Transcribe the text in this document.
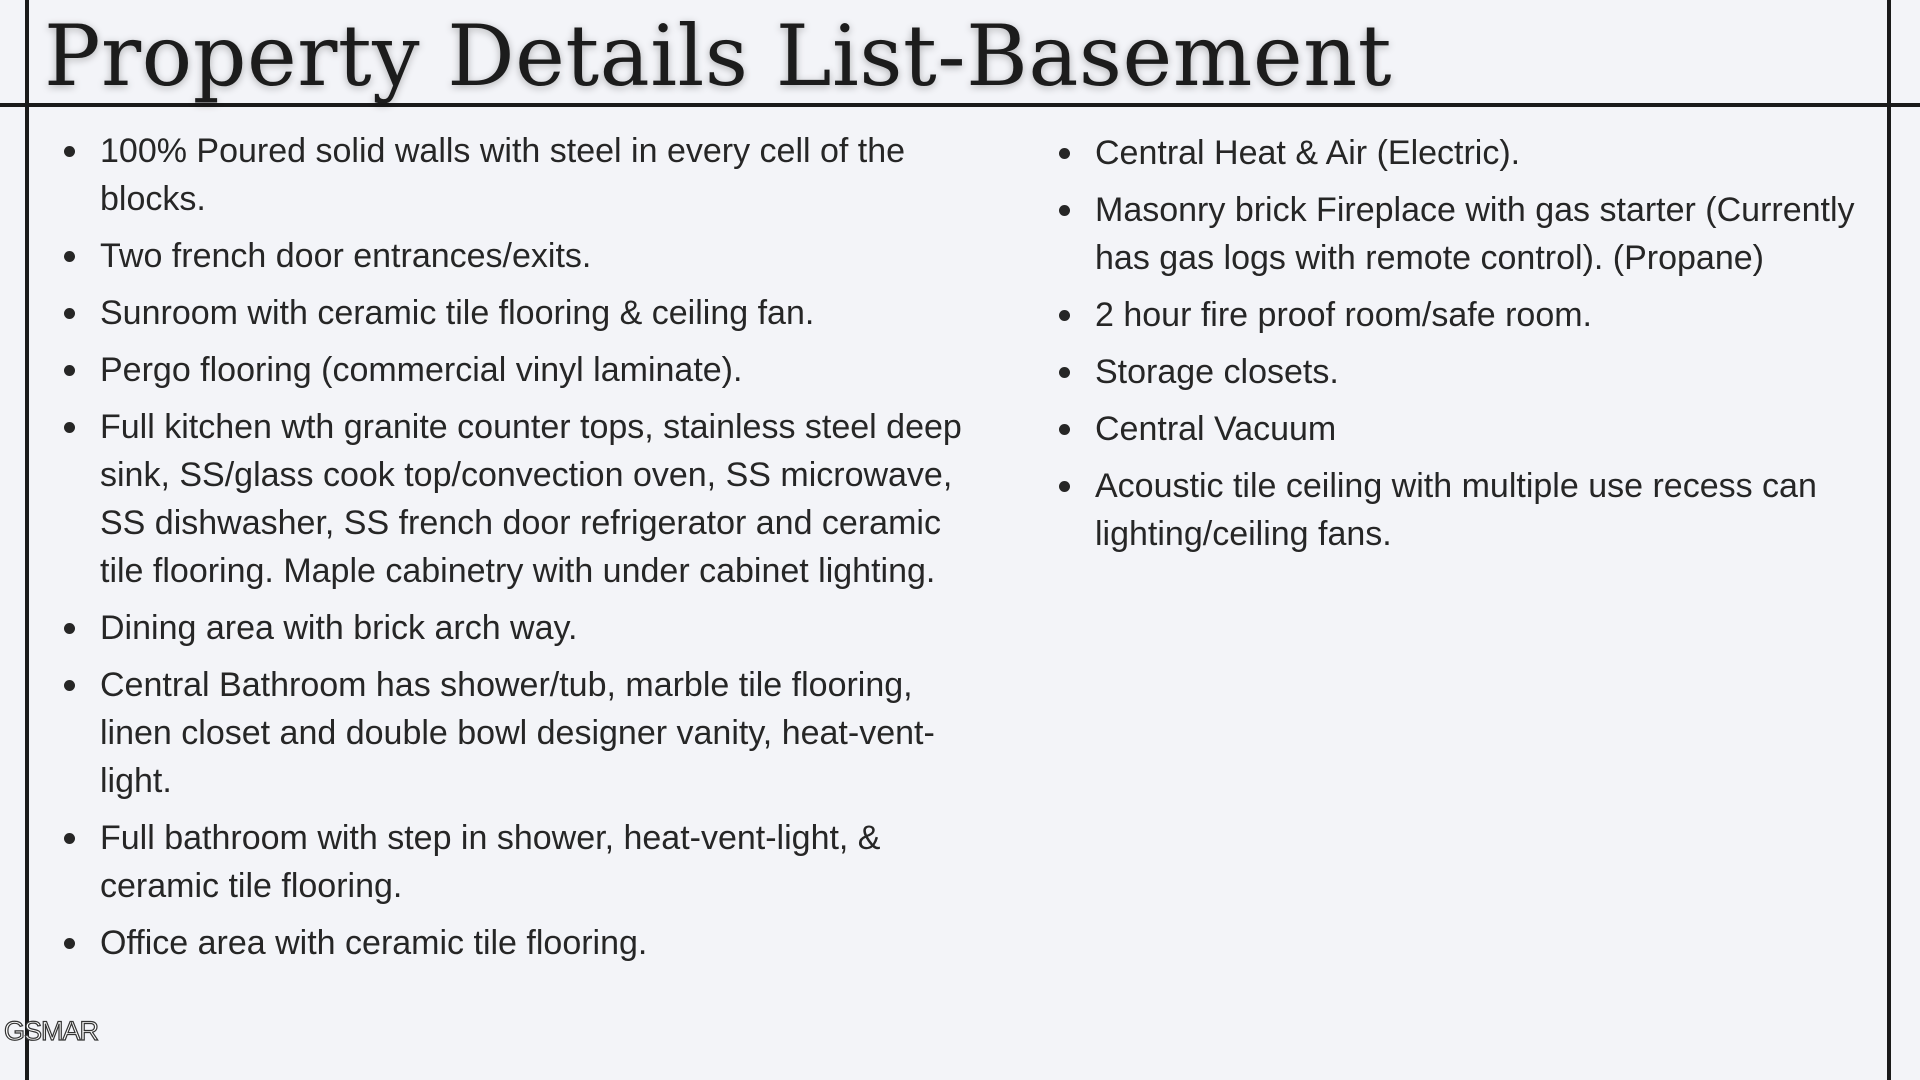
Property Details List-Basement
100% Poured solid walls with steel in every cell of the blocks.
Two french door entrances/exits.
Sunroom with ceramic tile flooring & ceiling fan.
Pergo flooring (commercial vinyl laminate).
Full kitchen wth granite counter tops, stainless steel deep sink, SS/glass cook top/convection oven, SS microwave, SS dishwasher, SS french door refrigerator and ceramic tile flooring. Maple cabinetry with under cabinet lighting.
Dining area with brick arch way.
Central Bathroom has shower/tub, marble tile flooring, linen closet and double bowl designer vanity, heat-vent-light.
Full bathroom with step in shower, heat-vent-light, & ceramic tile flooring.
Office area with ceramic tile flooring.
Central Heat & Air (Electric).
Masonry brick Fireplace with gas starter (Currently has gas logs with remote control). (Propane)
2 hour fire proof room/safe room.
Storage closets.
Central Vacuum
Acoustic tile ceiling with multiple use recess can lighting/ceiling fans.
GSMAR
